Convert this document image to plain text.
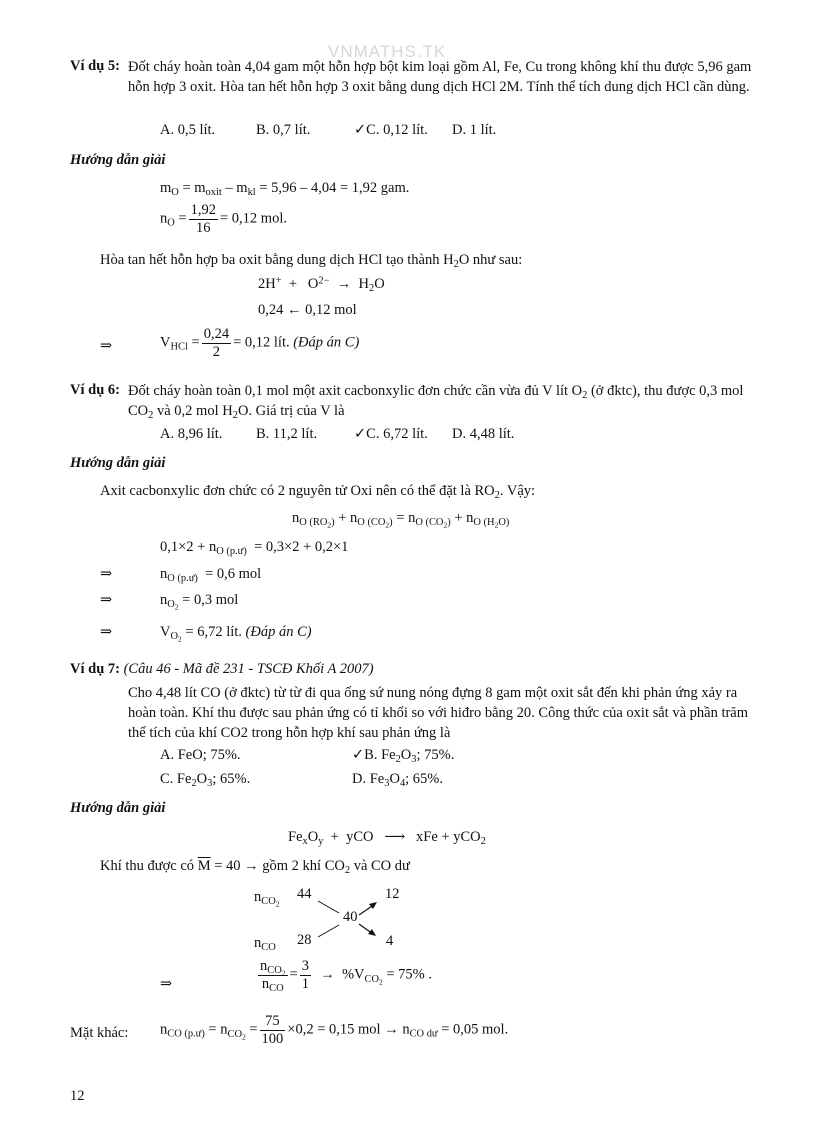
VNMATHS.TK
Ví dụ 5: Đốt cháy hoàn toàn 4,04 gam một hỗn hợp bột kim loại gồm Al, Fe, Cu trong không khí thu được 5,96 gam hỗn hợp 3 oxit. Hòa tan hết hỗn hợp 3 oxit bằng dung dịch HCl 2M. Tính thể tích dung dịch HCl cần dùng.
A. 0,5 lít.	B. 0,7 lít.	✓C. 0,12 lít. D. 1 lít.
Hướng dẫn giải
$m_O = m_{oxit} - m_{kl} = 5,96 - 4,04 = 1,92$ gam.
$n_O = \frac{1,92}{16} = 0,12$ mol.
Hòa tan hết hỗn hợp ba oxit bằng dung dịch HCl tạo thành $H_2O$ như sau:
$2H^+ + O^{2-} \to H_2O$
0,24 ← 0,12 mol
⇒	$V_{HCl} = \frac{0,24}{2} = 0,12$ lít. (Đáp án C)
Ví dụ 6: Đốt cháy hoàn toàn 0,1 mol một axit cacbonxylic đơn chức cần vừa đủ V lít $O_2$ (ở đktc), thu được 0,3 mol $CO_2$ và 0,2 mol $H_2O$. Giá trị của V là
A. 8,96 lít. B. 11,2 lít.	✓C. 6,72 lít. D. 4,48 lít.
Hướng dẫn giải
Axit cacbonxylic đơn chức có 2 nguyên tử Oxi nên có thể đặt là $RO_2$. Vậy:
$n_{O (RO_2)} + n_{O (CO_2)} = n_{O (CO_2)} + n_{O (H_2O)}$
$0,1\times 2 + n_{O (p.ư)} = 0,3\times 2 + 0,2\times 1$
⇒	$n_{O (p.ư)} = 0,6$ mol
⇒	$n_{O_2} = 0,3$ mol
⇒	$V_{O_2} = 6,72$ lít. (Đáp án C)
Ví dụ 7: (Câu 46 - Mã đề 231 - TSCĐ Khối A 2007)
Cho 4,48 lít CO (ở đktc) từ từ đi qua ống sứ nung nóng đựng 8 gam một oxit sắt đến khi phản ứng xảy ra hoàn toàn. Khí thu được sau phản ứng có tỉ khối so với hiđro bằng 20. Công thức của oxit sắt và phần trăm thể tích của khí CO2 trong hỗn hợp khí sau phản ứng là
A. FeO; 75%.	✓B. $Fe_2O_3$; 75%.
C. $Fe_2O_3$; 65%.	D. $Fe_3O_4$; 65%.
Hướng dẫn giải
$Fe_xO_y$  +  yCO   ⟶   xFe + yCO$_2$
Khí thu được có $\overline{M} = 40$ → gồm 2 khí $CO_2$ và CO dư
$n_{CO_2}$
44	12
40
$n_{CO}$ 28	4
⇒	$\frac{n_{CO_2}}{n_{CO}} = \frac{3}{1} \to \%V_{CO_2} = 75\%$ .
Mặt khác: $n_{CO (p.ư)} = n_{CO_2} = \frac{75}{100} \times 0,2 = 0,15$ mol → $n_{CO dư} = 0,05$ mol.
12
